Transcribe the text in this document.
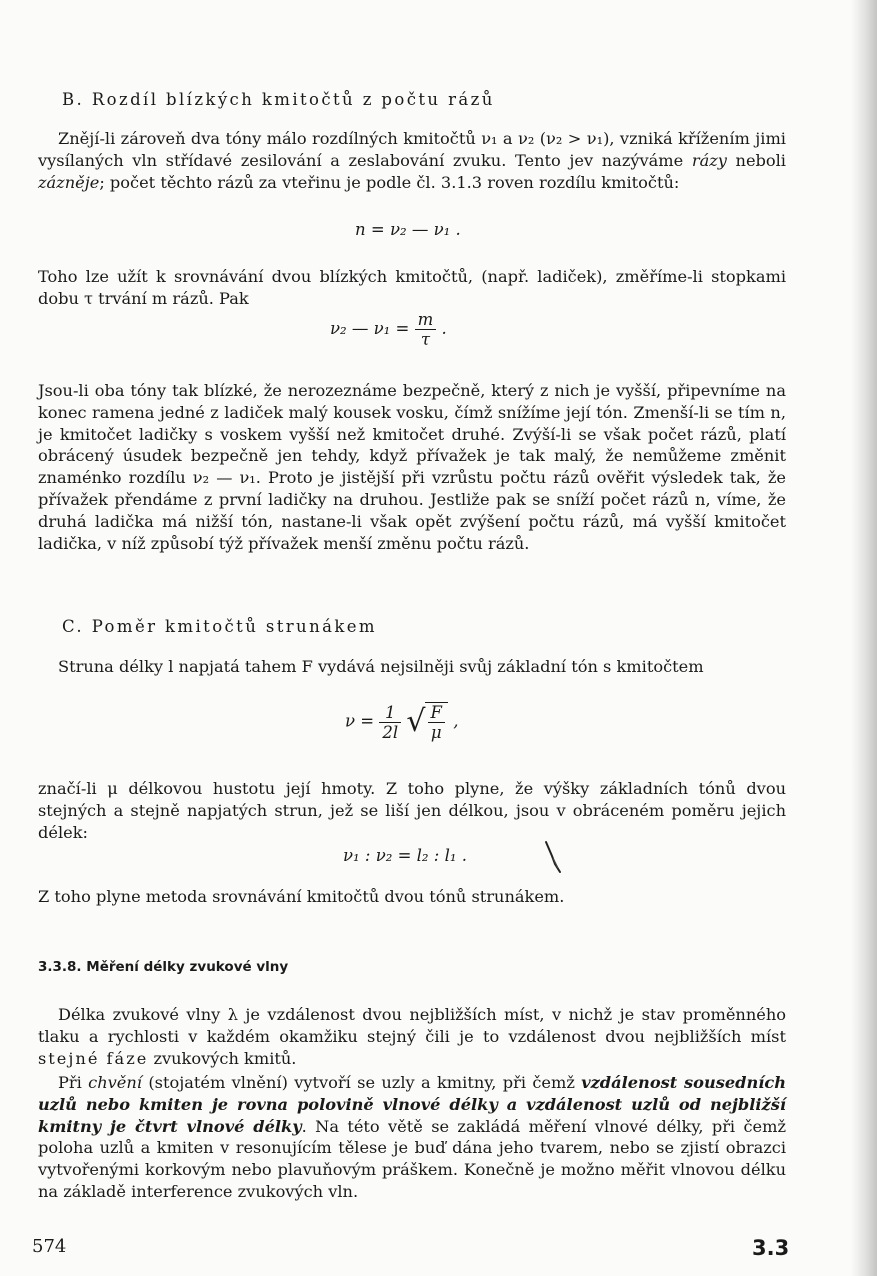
B. Rozdíl blízkých kmitočtů z počtu rázů

Znějí-li zároveň dva tóny málo rozdílných kmitočtů ν₁ a ν₂ (ν₂ > ν₁), vzniká křížením jimi vysílaných vln střídavé zesilování a zeslabování zvuku. Tento jev nazýváme rázy neboli zázněje; počet těchto rázů za vteřinu je podle čl. 3.1.3 roven rozdílu kmitočtů:

n = ν₂ — ν₁ .

Toho lze užít k srovnávání dvou blízkých kmitočtů, (např. ladiček), změříme-li stopkami dobu τ trvání m rázů. Pak

ν₂ — $\nu_1 = \frac{m}{\tau}$ .

Jsou-li oba tóny tak blízké, že nerozeznáme bezpečně, který z nich je vyšší, připevníme na konec ramena jedné z ladiček malý kousek vosku, čímž snížíme její tón. Zmenší-li se tím n, je kmitočet ladičky s voskem vyšší než kmitočet druhé. Zvýší-li se však počet rázů, platí obrácený úsudek bezpečně jen tehdy, když přívažek je tak malý, že nemůžeme změnit znaménko rozdílu ν₂ — ν₁. Proto je jistější při vzrůstu počtu rázů ověřit výsledek tak, že přívažek přendáme z první ladičky na druhou. Jestliže pak se sníží počet rázů n, víme, že druhá ladička má nižší tón, nastane-li však opět zvýšení počtu rázů, má vyšší kmitočet ladička, v níž způsobí týž přívažek menší změnu počtu rázů.

C. Poměr kmitočtů strunákem

Struna délky l napjatá tahem F vydává nejsilněji svůj základní tón s kmitočtem

$\nu = \frac{1}{2l}$
√ $\frac{F}{\mu}$ ,

značí-li μ délkovou hustotu její hmoty. Z toho plyne, že výšky základních tónů dvou stejných a stejně napjatých strun, jež se liší jen délkou, jsou v obráceném poměru jejich délek:

ν₁ : ν₂ = l₂ : l₁ .

Z toho plyne metoda srovnávání kmitočtů dvou tónů strunákem.

3.3.8. Měření délky zvukové vlny

Délka zvukové vlny λ je vzdálenost dvou nejbližších míst, v nichž je stav proměnného tlaku a rychlosti v každém okamžiku stejný čili je to vzdálenost dvou nejbližších míst stejné fáze zvukových kmitů.

Při chvění (stojatém vlnění) vytvoří se uzly a kmitny, při čemž vzdálenost sousedních uzlů nebo kmiten je rovna polovině vlnové délky a vzdálenost uzlů od nejbližší kmitny je čtvrt vlnové délky. Na této větě se zakládá měření vlnové délky, při čemž poloha uzlů a kmiten v resonujícím tělese je buď dána jeho tvarem, nebo se zjistí obrazci vytvořenými korkovým nebo plavuňovým práškem. Konečně je možno měřit vlnovou délku na základě interference zvukových vln.

574	3.3
